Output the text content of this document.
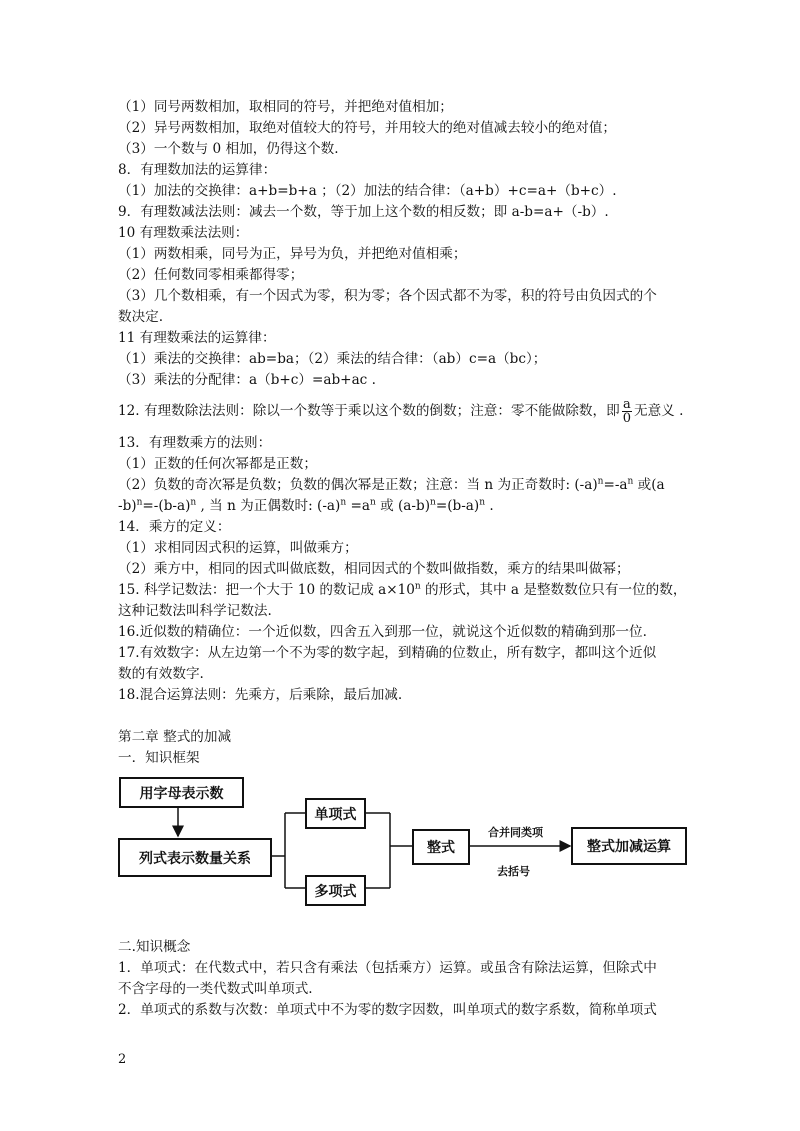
（1）同号两数相加，取相同的符号，并把绝对值相加；
（2）异号两数相加，取绝对值较大的符号，并用较大的绝对值减去较小的绝对值；
（3）一个数与 0 相加，仍得这个数.
8．有理数加法的运算律：
（1）加法的交换律：a+b=b+a ；（2）加法的结合律：（a+b）+c=a+（b+c）.
9．有理数减法法则：减去一个数，等于加上这个数的相反数；即 a-b=a+（-b）.
10 有理数乘法法则：
（1）两数相乘，同号为正，异号为负，并把绝对值相乘；
（2）任何数同零相乘都得零；
（3）几个数相乘，有一个因式为零，积为零；各个因式都不为零，积的符号由负因式的个
数决定.
11 有理数乘法的运算律：
（1）乘法的交换律：ab=ba；（2）乘法的结合律：（ab）c=a（bc）；
（3）乘法的分配律：a（b+c）=ab+ac .
12. 有理数除法法则：除以一个数等于乘以这个数的倒数；注意：零不能做除数，即 $\frac{a}{0}$ 无意义 .
13．有理数乘方的法则：
（1）正数的任何次幂都是正数；
（2）负数的奇次幂是负数；负数的偶次幂是正数；注意：当 n 为正奇数时: $(-a)^n=-a^n$ 或(a
$-b)^n=-(b-a)^n$ , 当 n 为正偶数时: $(-a)^n =a^n$ 或 $(a-b)^n=(b-a)^n$ .
14．乘方的定义：
（1）求相同因式积的运算，叫做乘方；
（2）乘方中，相同的因式叫做底数，相同因式的个数叫做指数，乘方的结果叫做幂；
15. 科学记数法：把一个大于 10 的数记成 $a\times 10^n$ 的形式，其中 a 是整数数位只有一位的数，
这种记数法叫科学记数法.
16.近似数的精确位：一个近似数，四舍五入到那一位，就说这个近似数的精确到那一位.
17.有效数字：从左边第一个不为零的数字起，到精确的位数止，所有数字，都叫这个近似
数的有效数字.
18.混合运算法则：先乘方，后乘除，最后加减.
第二章 整式的加减
一．知识框架
用字母表示数
列式表示数量关系
单项式
多项式
整式	整式加减运算
合并同类项
去括号
二.知识概念
1．单项式：在代数式中，若只含有乘法（包括乘方）运算。或虽含有除法运算，但除式中
不含字母的一类代数式叫单项式.
2．单项式的系数与次数：单项式中不为零的数字因数，叫单项式的数字系数，简称单项式
2
